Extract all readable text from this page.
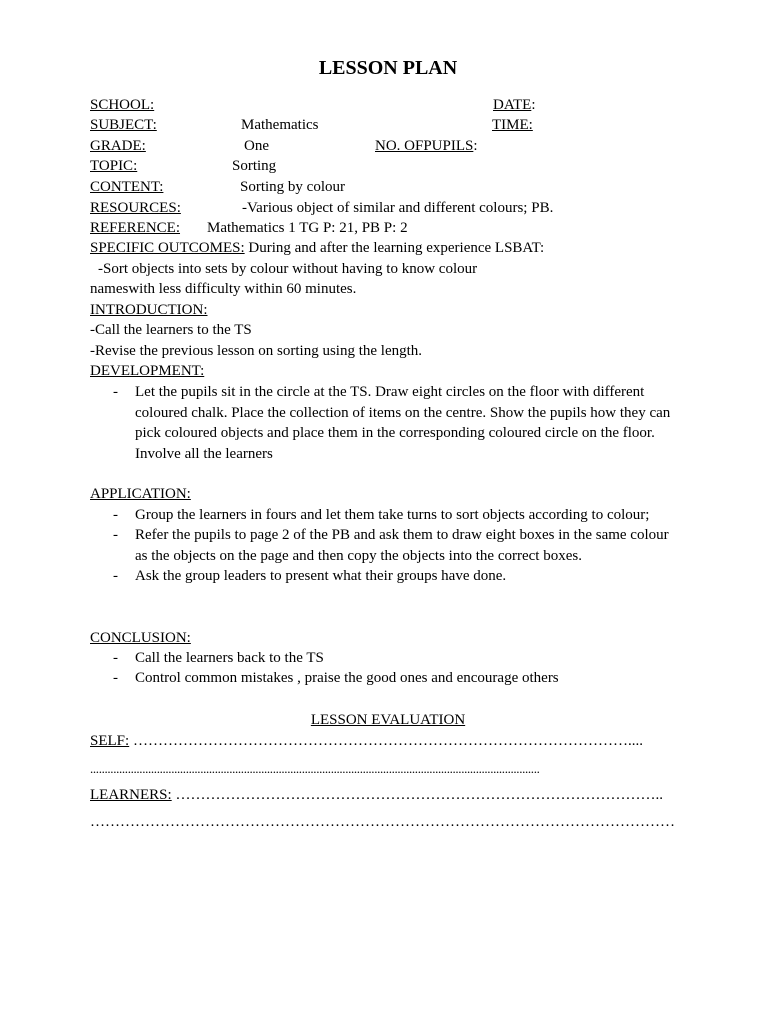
LESSON PLAN
SCHOOL:	DATE:
SUBJECT:	Mathematics	TIME:
GRADE:	One	NO. OFPUPILS:
TOPIC:	Sorting
CONTENT:	Sorting by colour
RESOURCES:	-Various object of similar and different colours; PB.
REFERENCE: Mathematics 1 TG P: 21, PB P: 2
SPECIFIC OUTCOMES: During and after the learning experience LSBAT:
-Sort objects into sets by colour without having to know colour
nameswith less difficulty within 60 minutes.
INTRODUCTION:
-Call the learners to the TS
-Revise the previous lesson on sorting using the length.
DEVELOPMENT:
- Let the pupils sit in the circle at the TS. Draw eight circles on the floor with different coloured chalk. Place the collection of items on the centre. Show the pupils how they can pick coloured objects and place them in the corresponding coloured circle on the floor. Involve all the learners
APPLICATION:
- Group the learners in fours and let them take turns to sort objects according to colour;
- Refer the pupils to page 2 of the PB and ask them to draw eight boxes in the same colour as the objects on the page and then copy the objects into the correct boxes.
- Ask the group leaders to present what their groups have done.
CONCLUSION:
- Call the learners back to the TS
- Control common mistakes , praise the good ones and encourage others
LESSON EVALUATION
SELF: ………………………………………………………………………………………....
...........................................................................................................................................................
LEARNERS: ……………………………………………………………………………………..
………………………………………………………………………………………………………
